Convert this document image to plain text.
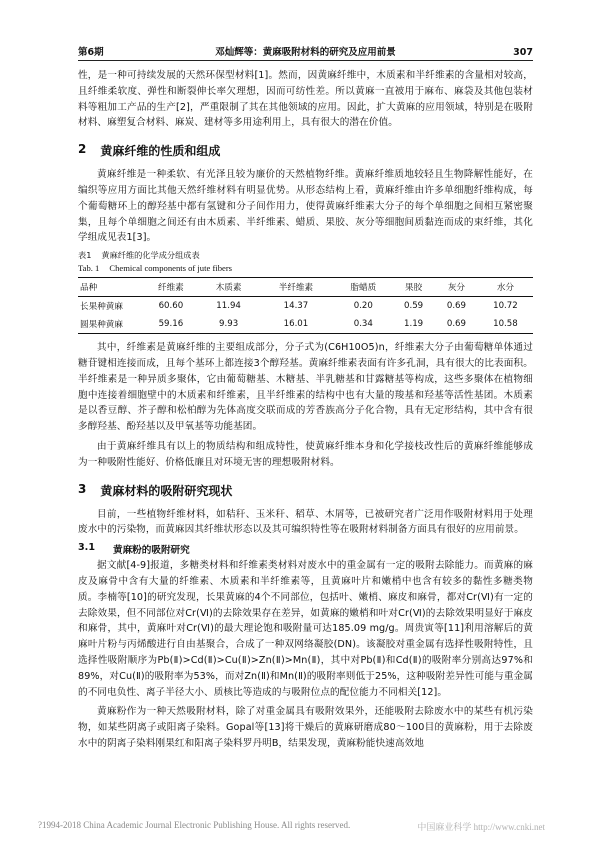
第6期	邓灿辉等：黄麻吸附材料的研究及应用前景	307

性，是一种可持续发展的天然环保型材料[1]。然而，因黄麻纤维中，木质素和半纤维素的含量相对较高，且纤维柔软度、弹性和断裂伸长率欠理想，因而可纺性差。所以黄麻一直被用于麻布、麻袋及其他包装材料等粗加工产品的生产[2]，严重限制了其在其他领域的应用。因此，扩大黄麻的应用领域，特别是在吸附材料、麻塑复合材料、麻炭、建材等多用途利用上，具有很大的潜在价值。

2 黄麻纤维的性质和组成

黄麻纤维是一种柔软、有光泽且较为廉价的天然植物纤维。黄麻纤维质地较轻且生物降解性能好，在编织等应用方面比其他天然纤维材料有明显优势。从形态结构上看，黄麻纤维由许多单细胞纤维构成，每个葡萄糖环上的醇羟基中都有氢键和分子间作用力，使得黄麻纤维素大分子的每个单细胞之间相互紧密聚集，且每个单细胞之间还有由木质素、半纤维素、蜡质、果胶、灰分等细胞间质黏连而成的束纤维，其化学组成见表1[3]。

表1 黄麻纤维的化学成分组成表
Tab. 1 Chemical components of jute fibers
品种	纤维素	木质素	半纤维素	脂蜡质	果胶	灰分	水分
长果种黄麻	60.60	11.94	14.37	0.20	0.59	0.69	10.72
圆果种黄麻	59.16	9.93	16.01	0.34	1.19	0.69	10.58

其中，纤维素是黄麻纤维的主要组成部分，分子式为(C6H10O5)n，纤维素大分子由葡萄糖单体通过糖苷键相连接而成，且每个基环上都连接3个醇羟基。黄麻纤维素表面有许多孔洞，具有很大的比表面积。半纤维素是一种异质多聚体，它由葡萄糖基、木糖基、半乳糖基和甘露糖基等构成，这些多聚体在植物细胞中连接着细胞壁中的木质素和纤维素，且半纤维素的结构中也有大量的羧基和羟基等活性基团。木质素是以香豆醇、芥子醇和松柏醇为先体高度交联而成的芳香族高分子化合物，具有无定形结构，其中含有很多醇羟基、酚羟基以及甲氧基等功能基团。

由于黄麻纤维具有以上的物质结构和组成特性，使黄麻纤维本身和化学接枝改性后的黄麻纤维能够成为一种吸附性能好、价格低廉且对环境无害的理想吸附材料。

3 黄麻材料的吸附研究现状

目前，一些植物纤维材料，如秸秆、玉米秆、稻草、木屑等，已被研究者广泛用作吸附材料用于处理废水中的污染物，而黄麻因其纤维状形态以及其可编织特性等在吸附材料制备方面具有很好的应用前景。

3.1 黄麻粉的吸附研究

据文献[4-9]报道，多糖类材料和纤维素类材料对废水中的重金属有一定的吸附去除能力。而黄麻的麻皮及麻骨中含有大量的纤维素、木质素和半纤维素等，且黄麻叶片和嫩梢中也含有较多的黏性多糖类物质。李楠等[10]的研究发现，长果黄麻的4个不同部位，包括叶、嫩梢、麻皮和麻骨，都对Cr(Ⅵ)有一定的去除效果，但不同部位对Cr(Ⅵ)的去除效果存在差异，如黄麻的嫩梢和叶对Cr(Ⅵ)的去除效果明显好于麻皮和麻骨，其中，黄麻叶对Cr(Ⅵ)的最大理论饱和吸附量可达185.09 mg/g。周贵寅等[11]利用溶解后的黄麻叶片粉与丙烯酸进行自由基聚合，合成了一种双网络凝胶(DN)。该凝胶对重金属有选择性吸附特性，且选择性吸附顺序为Pb(Ⅱ)>Cd(Ⅱ)>Cu(Ⅱ)>Zn(Ⅱ)>Mn(Ⅱ)，其中对Pb(Ⅱ)和Cd(Ⅱ)的吸附率分别高达97%和89%，对Cu(Ⅱ)的吸附率为53%，而对Zn(Ⅱ)和Mn(Ⅱ)的吸附率则低于25%，这种吸附差异性可能与重金属的不同电负性、离子半径大小、质核比等造成的与吸附位点的配位能力不同相关[12]。

黄麻粉作为一种天然吸附材料，除了对重金属具有吸附效果外，还能吸附去除废水中的某些有机污染物，如某些阴离子或阳离子染料。Gopal等[13]将干燥后的黄麻研磨成80～100目的黄麻粉，用于去除废水中的阴离子染料刚果红和阳离子染料罗丹明B，结果发现，黄麻粉能快速高效地

?1994-2018 China Academic Journal Electronic Publishing House. All rights reserved.	中国麻业科学 http://www.cnki.net
